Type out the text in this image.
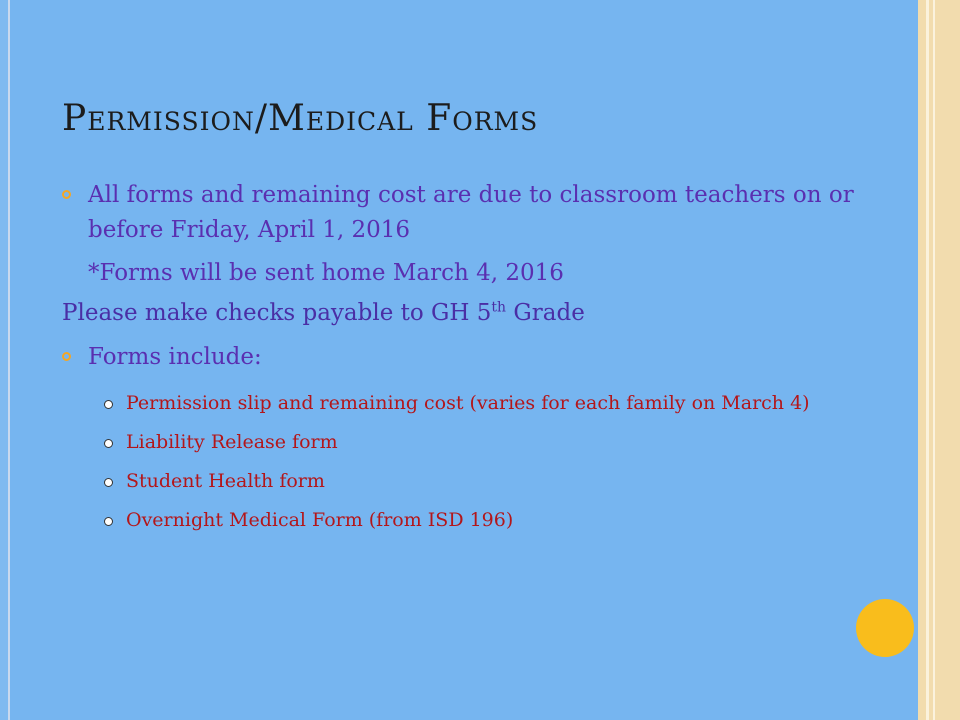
Permission/Medical Forms
All forms and remaining cost are due to classroom teachers on or before Friday, April 1, 2016
*Forms will be sent home March 4, 2016
Please make checks payable to GH 5th Grade
Forms include:
Permission slip and remaining cost (varies for each family on March 4)
Liability Release form
Student Health form
Overnight Medical Form (from ISD 196)
